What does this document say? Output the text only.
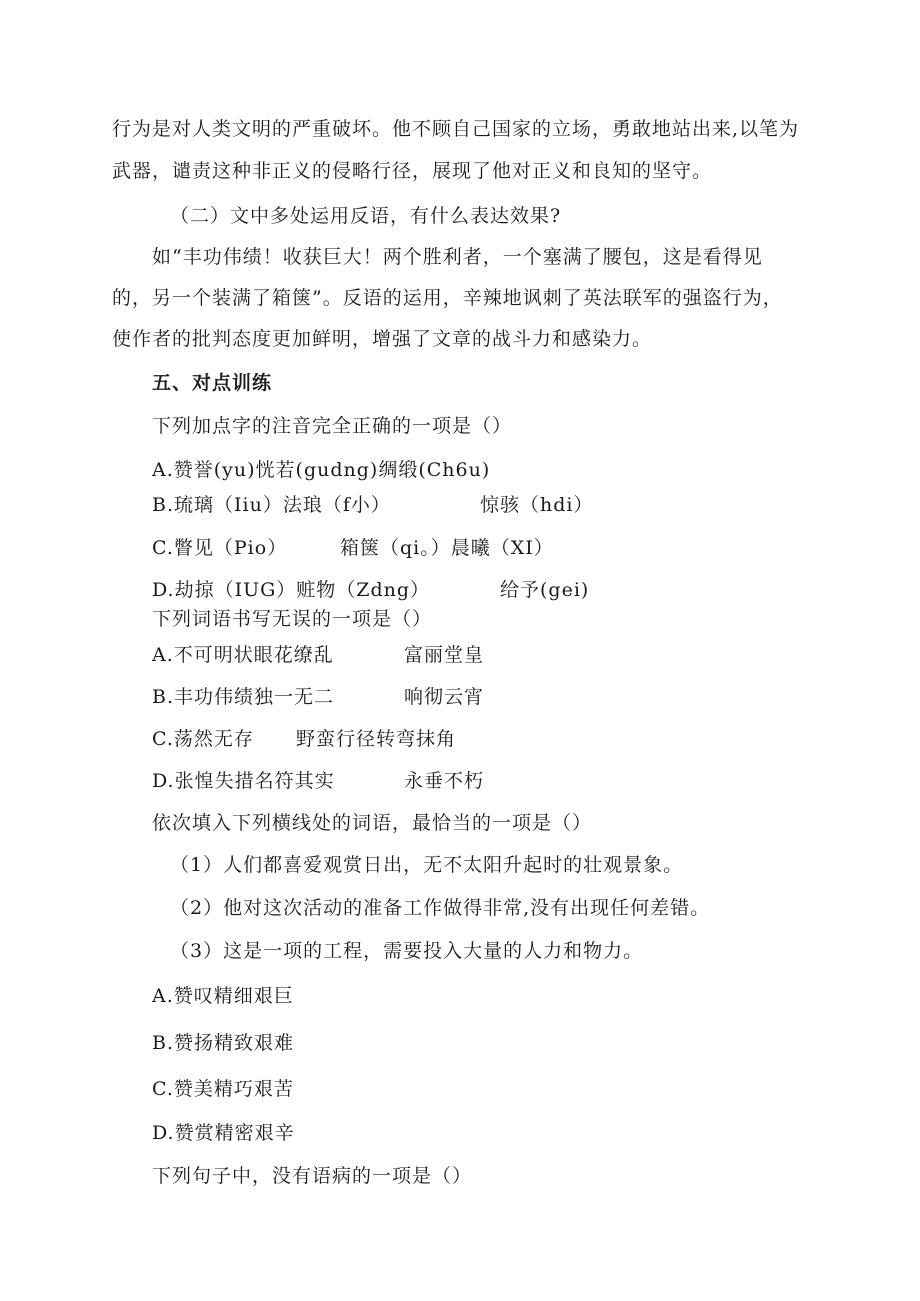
行为是对人类文明的严重破坏。他不顾自己国家的立场，勇敢地站出来,以笔为
武器，谴责这种非正义的侵略行径，展现了他对正义和良知的坚守。
（二）文中多处运用反语，有什么表达效果?
如“丰功伟绩！收获巨大！两个胜利者，一个塞满了腰包，这是看得见
的，另一个装满了箱箧”。反语的运用，辛辣地讽刺了英法联军的强盗行为，
使作者的批判态度更加鲜明，增强了文章的战斗力和感染力。
五、对点训练
下列加点字的注音完全正确的一项是（）
A.赞誉(yu)恍若(gudng)绸缎(Ch6u)
B.琉璃（Iiu）法琅（f小）	惊骇（hdi）
C.瞥见（Pio）	箱箧（qi。）晨曦（XI）
D.劫掠（IUG）赃物（Zdng）	给予(gei)
下列词语书写无误的一项是（）
A.不可明状眼花缭乱	富丽堂皇
B.丰功伟绩独一无二	响彻云宵
C.荡然无存 野蛮行径转弯抹角
D.张惶失措名符其实	永垂不朽
依次填入下列横线处的词语，最恰当的一项是（）
（1）人们都喜爱观赏日出，无不太阳升起时的壮观景象。
（2）他对这次活动的准备工作做得非常,没有出现任何差错。
（3）这是一项的工程，需要投入大量的人力和物力。
A.赞叹精细艰巨
B.赞扬精致艰难
C.赞美精巧艰苦
D.赞赏精密艰辛
下列句子中，没有语病的一项是（）
